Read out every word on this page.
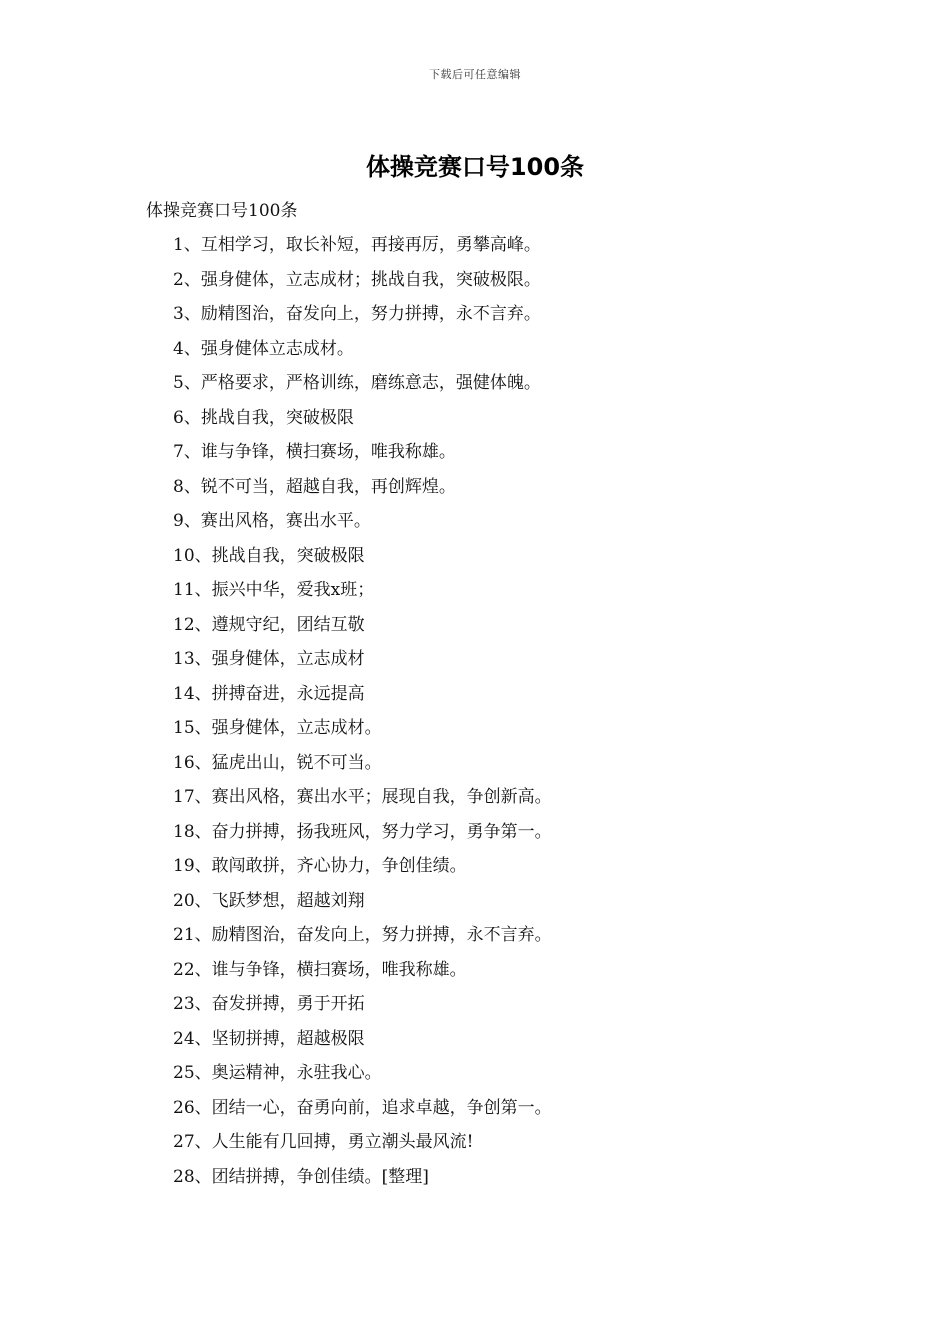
下载后可任意编辑
体操竞赛口号100条
体操竞赛口号100条
1、互相学习，取长补短，再接再厉，勇攀高峰。
2、强身健体，立志成材；挑战自我，突破极限。
3、励精图治，奋发向上，努力拼搏，永不言弃。
4、强身健体立志成材。
5、严格要求，严格训练，磨练意志，强健体魄。
6、挑战自我，突破极限
7、谁与争锋，横扫赛场，唯我称雄。
8、锐不可当，超越自我，再创辉煌。
9、赛出风格，赛出水平。
10、挑战自我，突破极限
11、振兴中华，爱我x班；
12、遵规守纪，团结互敬
13、强身健体，立志成材
14、拼搏奋进，永远提高
15、强身健体，立志成材。
16、猛虎出山，锐不可当。
17、赛出风格，赛出水平；展现自我，争创新高。
18、奋力拼搏，扬我班风，努力学习，勇争第一。
19、敢闯敢拼，齐心协力，争创佳绩。
20、飞跃梦想，超越刘翔
21、励精图治，奋发向上，努力拼搏，永不言弃。
22、谁与争锋，横扫赛场，唯我称雄。
23、奋发拼搏，勇于开拓
24、坚韧拼搏，超越极限
25、奥运精神，永驻我心。
26、团结一心，奋勇向前，追求卓越，争创第一。
27、人生能有几回搏，勇立潮头最风流!
28、团结拼搏，争创佳绩。[整理]
